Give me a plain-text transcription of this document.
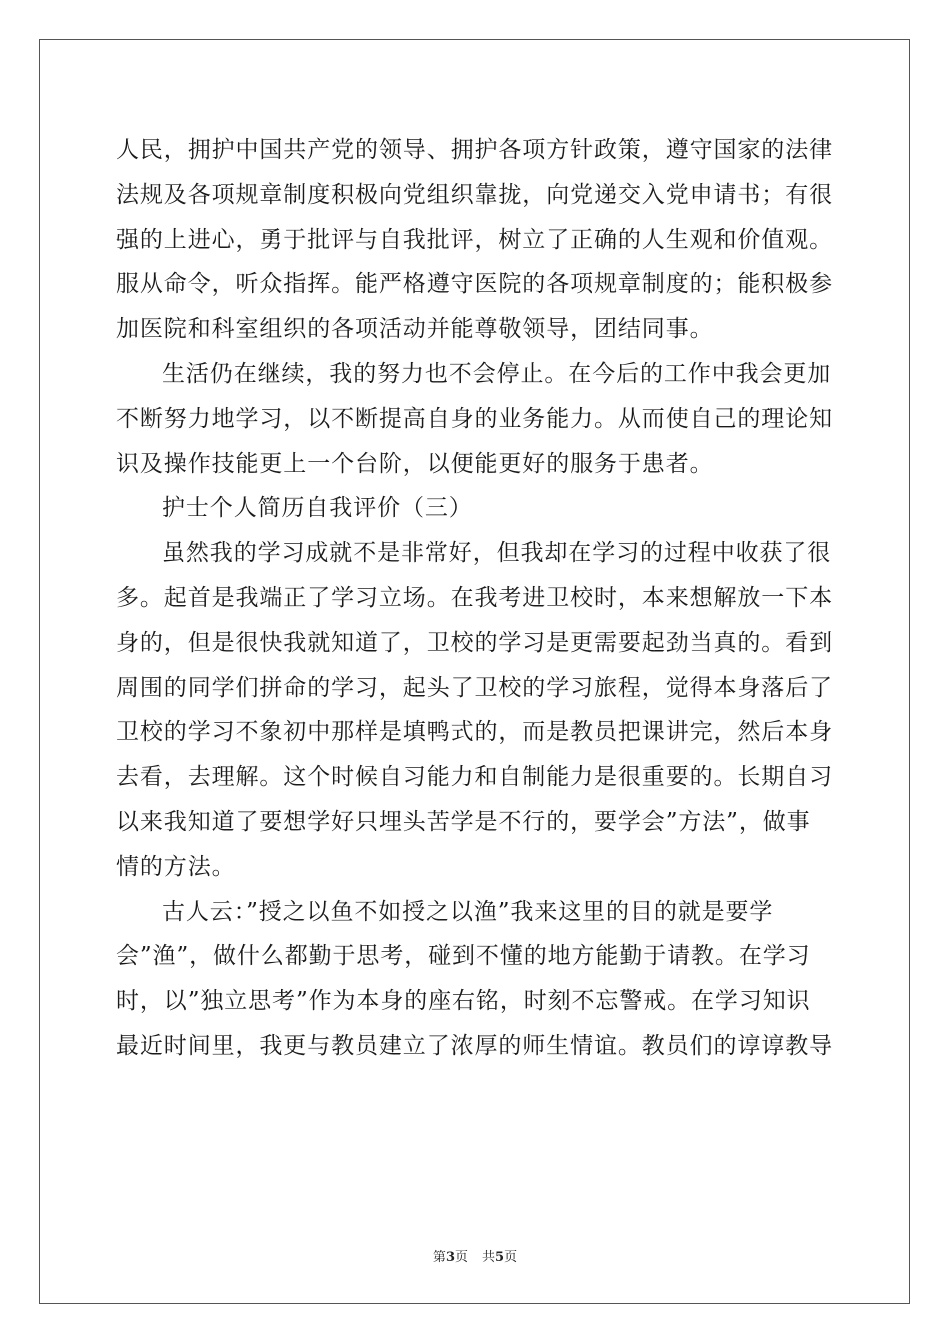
人民，拥护中国共产党的领导、拥护各项方针政策，遵守国家的法律
法规及各项规章制度积极向党组织靠拢，向党递交入党申请书；有很
强的上进心，勇于批评与自我批评，树立了正确的人生观和价值观。
服从命令，听众指挥。能严格遵守医院的各项规章制度的；能积极参
加医院和科室组织的各项活动并能尊敬领导，团结同事。
生活仍在继续，我的努力也不会停止。在今后的工作中我会更加
不断努力地学习，以不断提高自身的业务能力。从而使自己的理论知
识及操作技能更上一个台阶，以便能更好的服务于患者。
护士个人简历自我评价（三）
虽然我的学习成就不是非常好，但我却在学习的过程中收获了很
多。起首是我端正了学习立场。在我考进卫校时，本来想解放一下本
身的，但是很快我就知道了，卫校的学习是更需要起劲当真的。看到
周围的同学们拼命的学习，起头了卫校的学习旅程，觉得本身落后了
卫校的学习不象初中那样是填鸭式的，而是教员把课讲完，然后本身
去看，去理解。这个时候自习能力和自制能力是很重要的。长期自习
以来我知道了要想学好只埋头苦学是不行的，要学会”方法”，做事
情的方法。
古人云：”授之以鱼不如授之以渔”我来这里的目的就是要学
会”渔”，做什么都勤于思考，碰到不懂的地方能勤于请教。在学习
时，以”独立思考”作为本身的座右铭，时刻不忘警戒。在学习知识
最近时间里，我更与教员建立了浓厚的师生情谊。教员们的谆谆教导
第3页 共5页
